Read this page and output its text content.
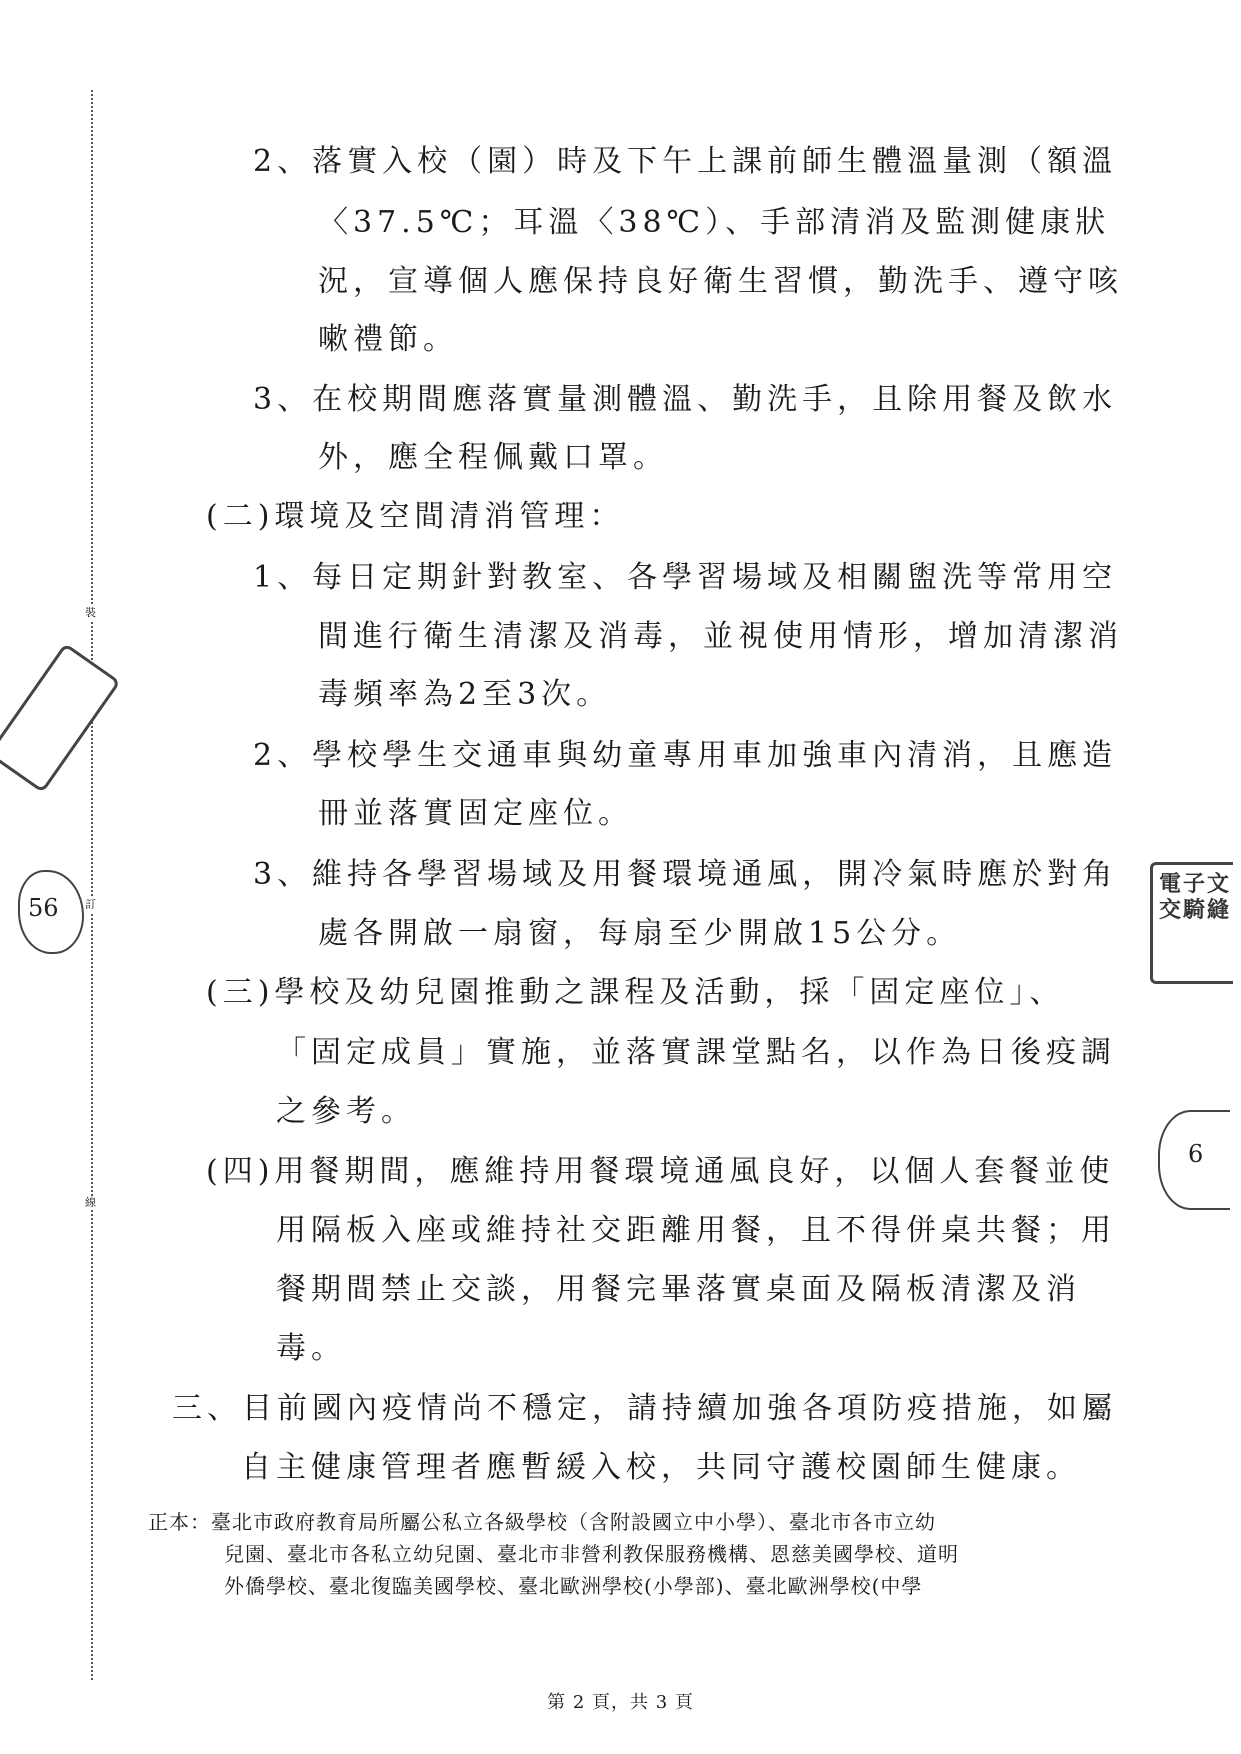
裝
訂
線
56
電子文交騎縫
6
2、落實入校（園）時及下午上課前師生體溫量測（額溫
〈37.5℃；耳溫〈38℃）、手部清消及監測健康狀
況，宣導個人應保持良好衛生習慣，勤洗手、遵守咳
嗽禮節。
3、在校期間應落實量測體溫、勤洗手，且除用餐及飲水
外，應全程佩戴口罩。
(二)環境及空間清消管理：
1、每日定期針對教室、各學習場域及相關盥洗等常用空
間進行衛生清潔及消毒，並視使用情形，增加清潔消
毒頻率為2至3次。
2、學校學生交通車與幼童專用車加強車內清消，且應造
冊並落實固定座位。
3、維持各學習場域及用餐環境通風，開冷氣時應於對角
處各開啟一扇窗，每扇至少開啟15公分。
(三)學校及幼兒園推動之課程及活動，採「固定座位」、
「固定成員」實施，並落實課堂點名，以作為日後疫調
之參考。
(四)用餐期間，應維持用餐環境通風良好，以個人套餐並使
用隔板入座或維持社交距離用餐，且不得併桌共餐；用
餐期間禁止交談，用餐完畢落實桌面及隔板清潔及消
毒。
三、目前國內疫情尚不穩定，請持續加強各項防疫措施，如屬
自主健康管理者應暫緩入校，共同守護校園師生健康。
正本：臺北市政府教育局所屬公私立各級學校（含附設國立中小學）、臺北市各市立幼
兒園、臺北市各私立幼兒園、臺北市非營利教保服務機構、恩慈美國學校、道明
外僑學校、臺北復臨美國學校、臺北歐洲學校(小學部)、臺北歐洲學校(中學
第 2 頁，共 3 頁
